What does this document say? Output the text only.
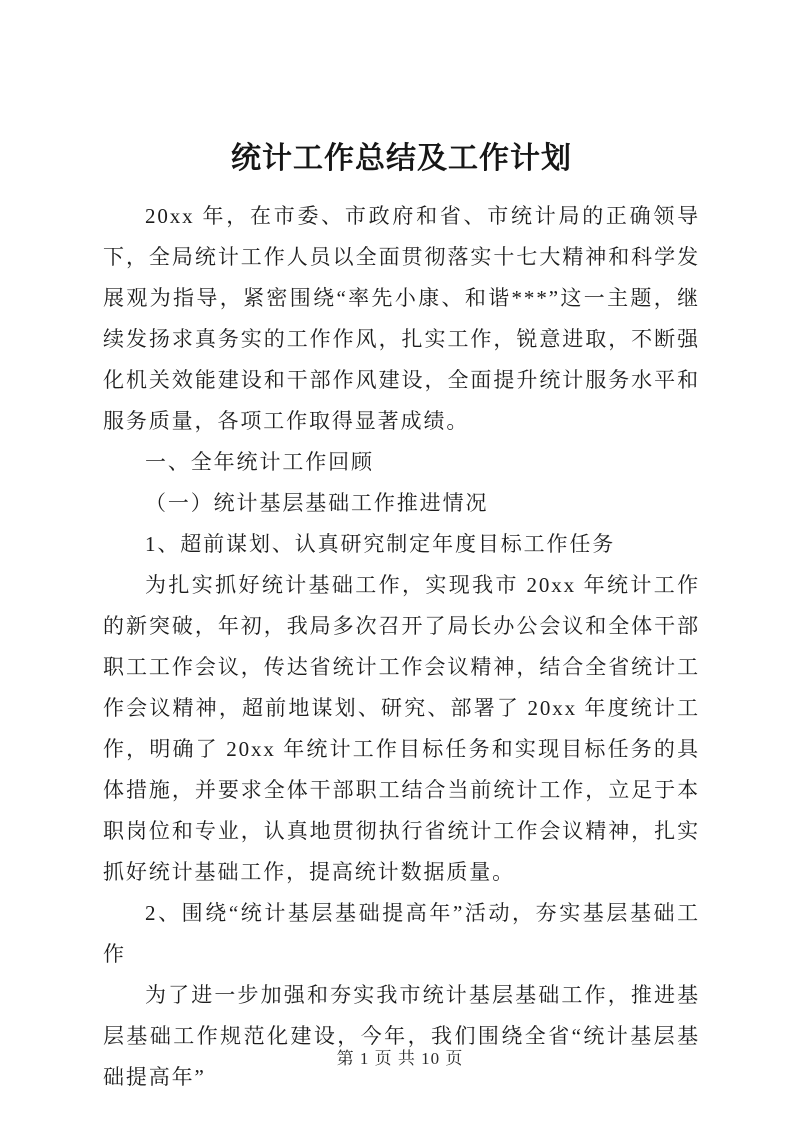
统计工作总结及工作计划

20xx 年，在市委、市政府和省、市统计局的正确领导下，全局统计工作人员以全面贯彻落实十七大精神和科学发展观为指导，紧密围绕“率先小康、和谐***”这一主题，继续发扬求真务实的工作作风，扎实工作，锐意进取，不断强化机关效能建设和干部作风建设，全面提升统计服务水平和服务质量，各项工作取得显著成绩。

一、全年统计工作回顾

（一）统计基层基础工作推进情况

1、超前谋划、认真研究制定年度目标工作任务

为扎实抓好统计基础工作，实现我市 20xx 年统计工作的新突破，年初，我局多次召开了局长办公会议和全体干部职工工作会议，传达省统计工作会议精神，结合全省统计工作会议精神，超前地谋划、研究、部署了 20xx 年度统计工作，明确了 20xx 年统计工作目标任务和实现目标任务的具体措施，并要求全体干部职工结合当前统计工作，立足于本职岗位和专业，认真地贯彻执行省统计工作会议精神，扎实抓好统计基础工作，提高统计数据质量。

2、围绕“统计基层基础提高年”活动，夯实基层基础工作

为了进一步加强和夯实我市统计基层基础工作，推进基层基础工作规范化建设，今年，我们围绕全省“统计基层基础提高年”

第 1 页 共 10 页
